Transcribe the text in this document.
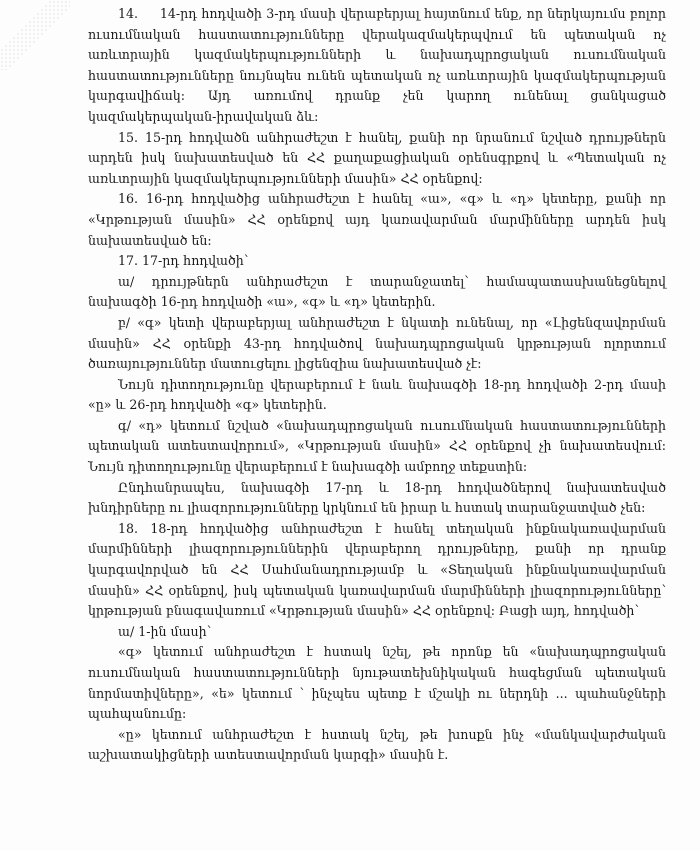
14.     14-րդ հոդվածի 3-րդ մասի վերաբերյալ հայտնում ենք, որ ներկայումս բոլոր ուսումնական հաստատությունները վերակազմակերպվում են պետական ոչ առևտրային կազմակերպությունների և նախադպրոցական ուսումնական հաստատությունները նույնպես ունեն պետական ոչ առևտրային կազմակերպության կարգավիճակ: Այդ առումով դրանք չեն կարող ունենալ ցանկացած կազմակերպական-իրավական ձև:

15. 15-րդ հոդվածն անհրաժեշտ է հանել, քանի որ նրանում նշված դրույթներն արդեն իսկ նախատեսված են ՀՀ քաղաքացիական օրենսգրքով և «Պետական ոչ առևտրային կազմակերպությունների մասին» ՀՀ օրենքով:

16. 16-րդ հոդվածից անհրաժեշտ է հանել «ա», «գ» և «դ» կետերը, քանի որ «Կրթության մասին» ՀՀ օրենքով այդ կառավարման մարմինները արդեն իսկ նախատեսված են:

17. 17-րդ հոդվածի՝

ա/ դրույթներն անհրաժեշտ է տարանջատել՝ համապատասխանեցնելով նախագծի 16-րդ հոդվածի «ա», «գ» և «դ» կետերին.

բ/ «գ» կետի վերաբերյալ անհրաժեշտ է նկատի ունենալ, որ «Լիցենզավորման մասին» ՀՀ օրենքի 43-րդ հոդվածով նախադպրոցական կրթության ոլորտում ծառայություններ մատուցելու լիցենզիա նախատեսված չէ:

Նույն դիտողությունը վերաբերում է նաև նախագծի 18-րդ հոդվածի 2-րդ մասի «ը» և 26-րդ հոդվածի «գ» կետերին.

գ/ «դ» կետում նշված «նախադպրոցական ուսումնական հաստատությունների պետական ատեստավորում», «Կրթության մասին» ՀՀ օրենքով չի նախատեսվում: Նույն դիտողությունը վերաբերում է նախագծի ամբողջ տեքստին:

Ընդհանրապես, նախագծի 17-րդ և 18-րդ հոդվածներով նախատեսված խնդիրները ու լիազորությունները կրկնում են իրար և հստակ տարանջատված չեն:

18. 18-րդ հոդվածից անհրաժեշտ է հանել տեղական ինքնակառավարման մարմինների լիազորություններին վերաբերող դրույթները, քանի որ դրանք կարգավորված են ՀՀ Սահմանադրությամբ և «Տեղական ինքնակառավարման մասին» ՀՀ օրենքով, իսկ պետական կառավարման մարմինների լիազորությունները՝ կրթության բնագավառում «Կրթության մասին» ՀՀ օրենքով: Բացի այդ, հոդվածի՝

ա/ 1-ին մասի՝

«գ» կետում անհրաժեշտ է հստակ նշել, թե որոնք են «նախադպրոցական ուսումնական հաստատությունների նյութատեխնիկական հագեցման պետական նորմատիվները», «ե» կետում ՝ ինչպես պետք է մշակի ու ներդնի ... պահանջների պահպանումը:

«ը» կետում անհրաժեշտ է հստակ նշել, թե խոսքն ինչ «մանկավարժական աշխատակիցների ատեստավորման կարգի» մասին է.
